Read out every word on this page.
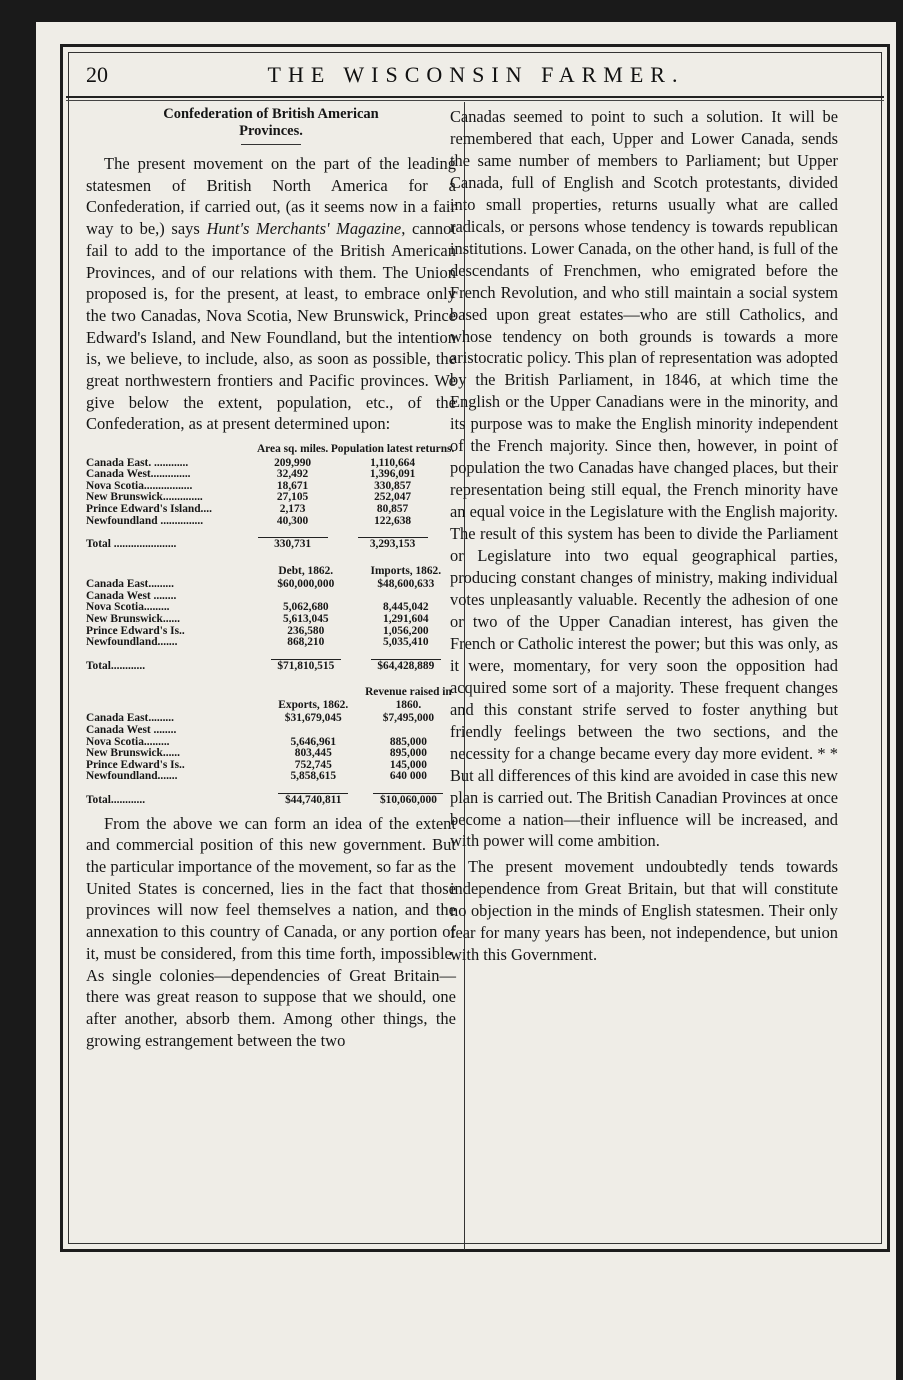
20	THE WISCONSIN FARMER.
Confederation of British American
Provinces.

The present movement on the part of the leading statesmen of British North America for a Confederation, if carried out, (as it seems now in a fair way to be,) says Hunt's Merchants' Magazine, cannot fail to add to the importance of the British American Provinces, and of our relations with them. The Union proposed is, for the present, at least, to embrace only the two Canadas, Nova Scotia, New Brunswick, Prince Edward's Island, and New Foundland, but the intention is, we believe, to include, also, as soon as possible, the great northwestern frontiers and Pacific provinces. We give below the extent, population, etc., of the Confederation, as at present determined upon:

	Area sq. miles.	Population latest returns.
Canada East. ............	209,990	1,110,664
Canada West..............	32,492	1,396,091
Nova Scotia.................	18,671	330,857
New Brunswick..............	27,105	252,047
Prince Edward's Island....	2,173	80,857
Newfoundland ...............	40,300	122,638
Total ......................	330,731	3,293,153
	Debt, 1862.	Imports, 1862.
Canada East.........	$60,000,000	$48,600,633
Canada West ........		
Nova Scotia.........	5,062,680	8,445,042
New Brunswick......	5,613,045	1,291,604
Prince Edward's Is..	236,580	1,056,200
Newfoundland.......	868,210	5,035,410
Total............	$71,810,515	$64,428,889
	Exports, 1862.	Revenue raised in 1860.
Canada East.........	$31,679,045	$7,495,000
Canada West ........		
Nova Scotia.........	5,646,961	885,000
New Brunswick......	803,445	895,000
Prince Edward's Is..	752,745	145,000
Newfoundland.......	5,858,615	640 000
Total............	$44,740,811	$10,060,000

From the above we can form an idea of the extent and commercial position of this new government. But the particular importance of the movement, so far as the United States is concerned, lies in the fact that those provinces will now feel themselves a nation, and the annexation to this country of Canada, or any portion of it, must be considered, from this time forth, impossible. As single colonies—dependencies of Great Britain—there was great reason to suppose that we should, one after another, absorb them. Among other things, the growing estrangement between the two

Canadas seemed to point to such a solution. It will be remembered that each, Upper and Lower Canada, sends the same number of members to Parliament; but Upper Canada, full of English and Scotch protestants, divided into small properties, returns usually what are called radicals, or persons whose tendency is towards republican institutions. Lower Canada, on the other hand, is full of the descendants of Frenchmen, who emigrated before the French Revolution, and who still maintain a social system based upon great estates—who are still Catholics, and whose tendency on both grounds is towards a more aristocratic policy. This plan of representation was adopted by the British Parliament, in 1846, at which time the English or the Upper Canadians were in the minority, and its purpose was to make the English minority independent of the French majority. Since then, however, in point of population the two Canadas have changed places, but their representation being still equal, the French minority have an equal voice in the Legislature with the English majority. The result of this system has been to divide the Parliament or Legislature into two equal geographical parties, producing constant changes of ministry, making individual votes unpleasantly valuable. Recently the adhesion of one or two of the Upper Canadian interest, has given the French or Catholic interest the power; but this was only, as it were, momentary, for very soon the opposition had acquired some sort of a majority. These frequent changes and this constant strife served to foster anything but friendly feelings between the two sections, and the necessity for a change became every day more evident. * * But all differences of this kind are avoided in case this new plan is carried out. The British Canadian Provinces at once become a nation—their influence will be increased, and with power will come ambition.

The present movement undoubtedly tends towards independence from Great Britain, but that will constitute no objection in the minds of English statesmen. Their only fear for many years has been, not independence, but union with this Government.
